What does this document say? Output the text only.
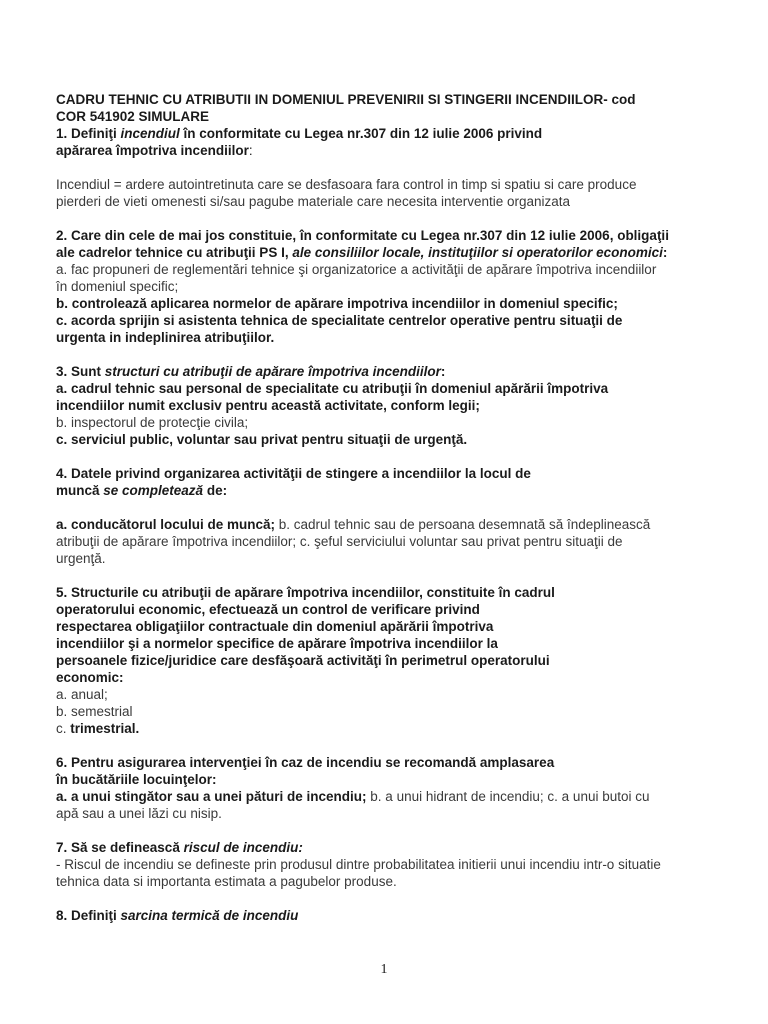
CADRU TEHNIC CU ATRIBUTII IN DOMENIUL PREVENIRII SI STINGERII INCENDIILOR- cod
COR 541902 SIMULARE

1. Definiţi incendiul în conformitate cu Legea nr.307 din 12 iulie 2006 privind
apărarea împotriva incendiilor:

Incendiul = ardere autointretinuta care se desfasoara fara control in timp si spatiu si care produce
pierderi de vieti omenesti si/sau pagube materiale care necesita interventie organizata

2. Care din cele de mai jos constituie, în conformitate cu Legea nr.307 din 12 iulie 2006, obligaţii
ale cadrelor tehnice cu atribuţii PS I, ale consiliilor locale, instituţiilor si operatorilor economici:

a. fac propuneri de reglementări tehnice şi organizatorice a activităţii de apărare împotriva incendiilor
în domeniul specific;

b. controlează aplicarea normelor de apărare impotriva incendiilor in domeniul specific;

c. acorda sprijin si asistenta tehnica de specialitate centrelor operative pentru situaţii de
urgenta in indeplinirea atribuţiilor.

3. Sunt structuri cu atribuţii de apărare împotriva incendiilor:

a. cadrul tehnic sau personal de specialitate cu atribuţii în domeniul apărării împotriva
incendiilor numit exclusiv pentru această activitate, conform legii;

b. inspectorul de protecţie civila;

c. serviciul public, voluntar sau privat pentru situaţii de urgenţă.

4. Datele privind organizarea activităţii de stingere a incendiilor la locul de
muncă se completează de:

a. conducătorul locului de muncă; b. cadrul tehnic sau de persoana desemnată să îndeplinească
atribuţii de apărare împotriva incendiilor; c. şeful serviciului voluntar sau privat pentru situaţii de
urgenţă.

5. Structurile cu atribuţii de apărare împotriva incendiilor, constituite în cadrul
operatorului economic, efectuează un control de verificare privind
respectarea obligaţiilor contractuale din domeniul apărării împotriva
incendiilor şi a normelor specifice de apărare împotriva incendiilor la
persoanele fizice/juridice care desfăşoară activităţi în perimetrul operatorului
economic:

a. anual;

b. semestrial

c. trimestrial.

6. Pentru asigurarea intervenţiei în caz de incendiu se recomandă amplasarea
în bucătăriile locuinţelor:

a. a unui stingător sau a unei pături de incendiu; b. a unui hidrant de incendiu; c. a unui butoi cu
apă sau a unei lăzi cu nisip.

7. Să se definească riscul de incendiu:

- Riscul de incendiu se defineste prin produsul dintre probabilitatea initierii unui incendiu intr-o situatie
tehnica data si importanta estimata a pagubelor produse.

8. Definiţi sarcina termică de incendiu

1
